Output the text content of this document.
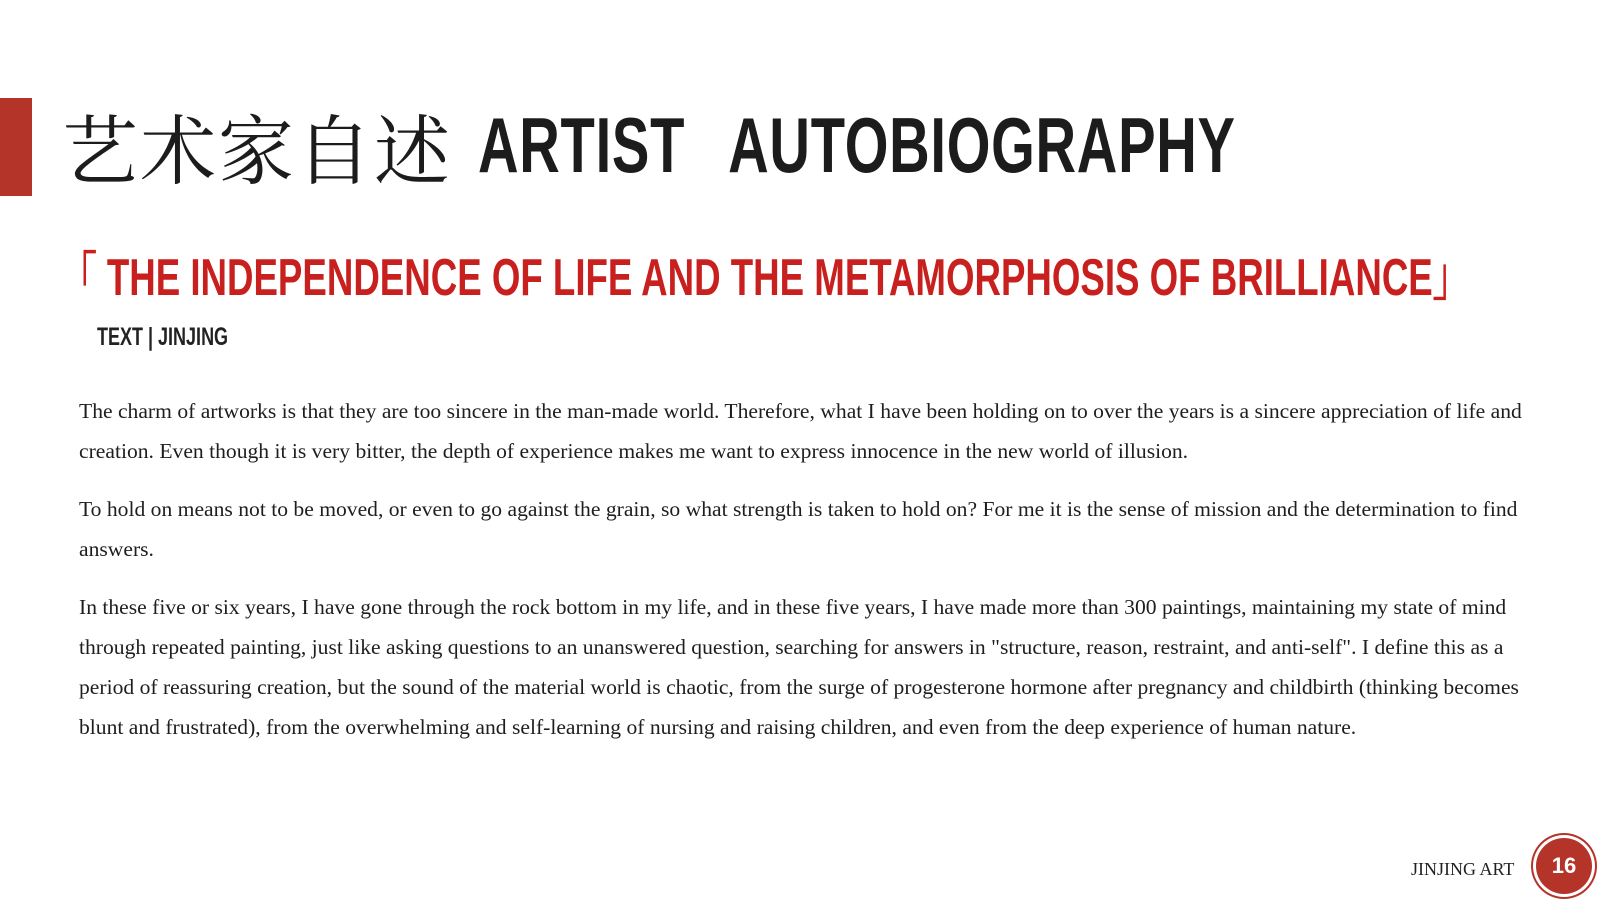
艺术家自述 ARTIST AUTOBIOGRAPHY
「 THE INDEPENDENCE OF LIFE AND THE METAMORPHOSIS OF BRILLIANCE」
TEXT | JINJING

The charm of artworks is that they are too sincere in the man-made world. Therefore, what I have been holding on to over the years is a sincere appreciation of life and creation. Even though it is very bitter, the depth of experience makes me want to express innocence in the new world of illusion.

To hold on means not to be moved, or even to go against the grain, so what strength is taken to hold on? For me it is the sense of mission and the determination to find answers.

In these five or six years, I have gone through the rock bottom in my life, and in these five years, I have made more than 300 paintings, maintaining my state of mind through repeated painting, just like asking questions to an unanswered question, searching for answers in "structure, reason, restraint, and anti-self". I define this as a period of reassuring creation, but the sound of the material world is chaotic, from the surge of progesterone hormone after pregnancy and childbirth (thinking becomes blunt and frustrated), from the overwhelming and self-learning of nursing and raising children, and even from the deep experience of human nature.

JINJING ART 16
